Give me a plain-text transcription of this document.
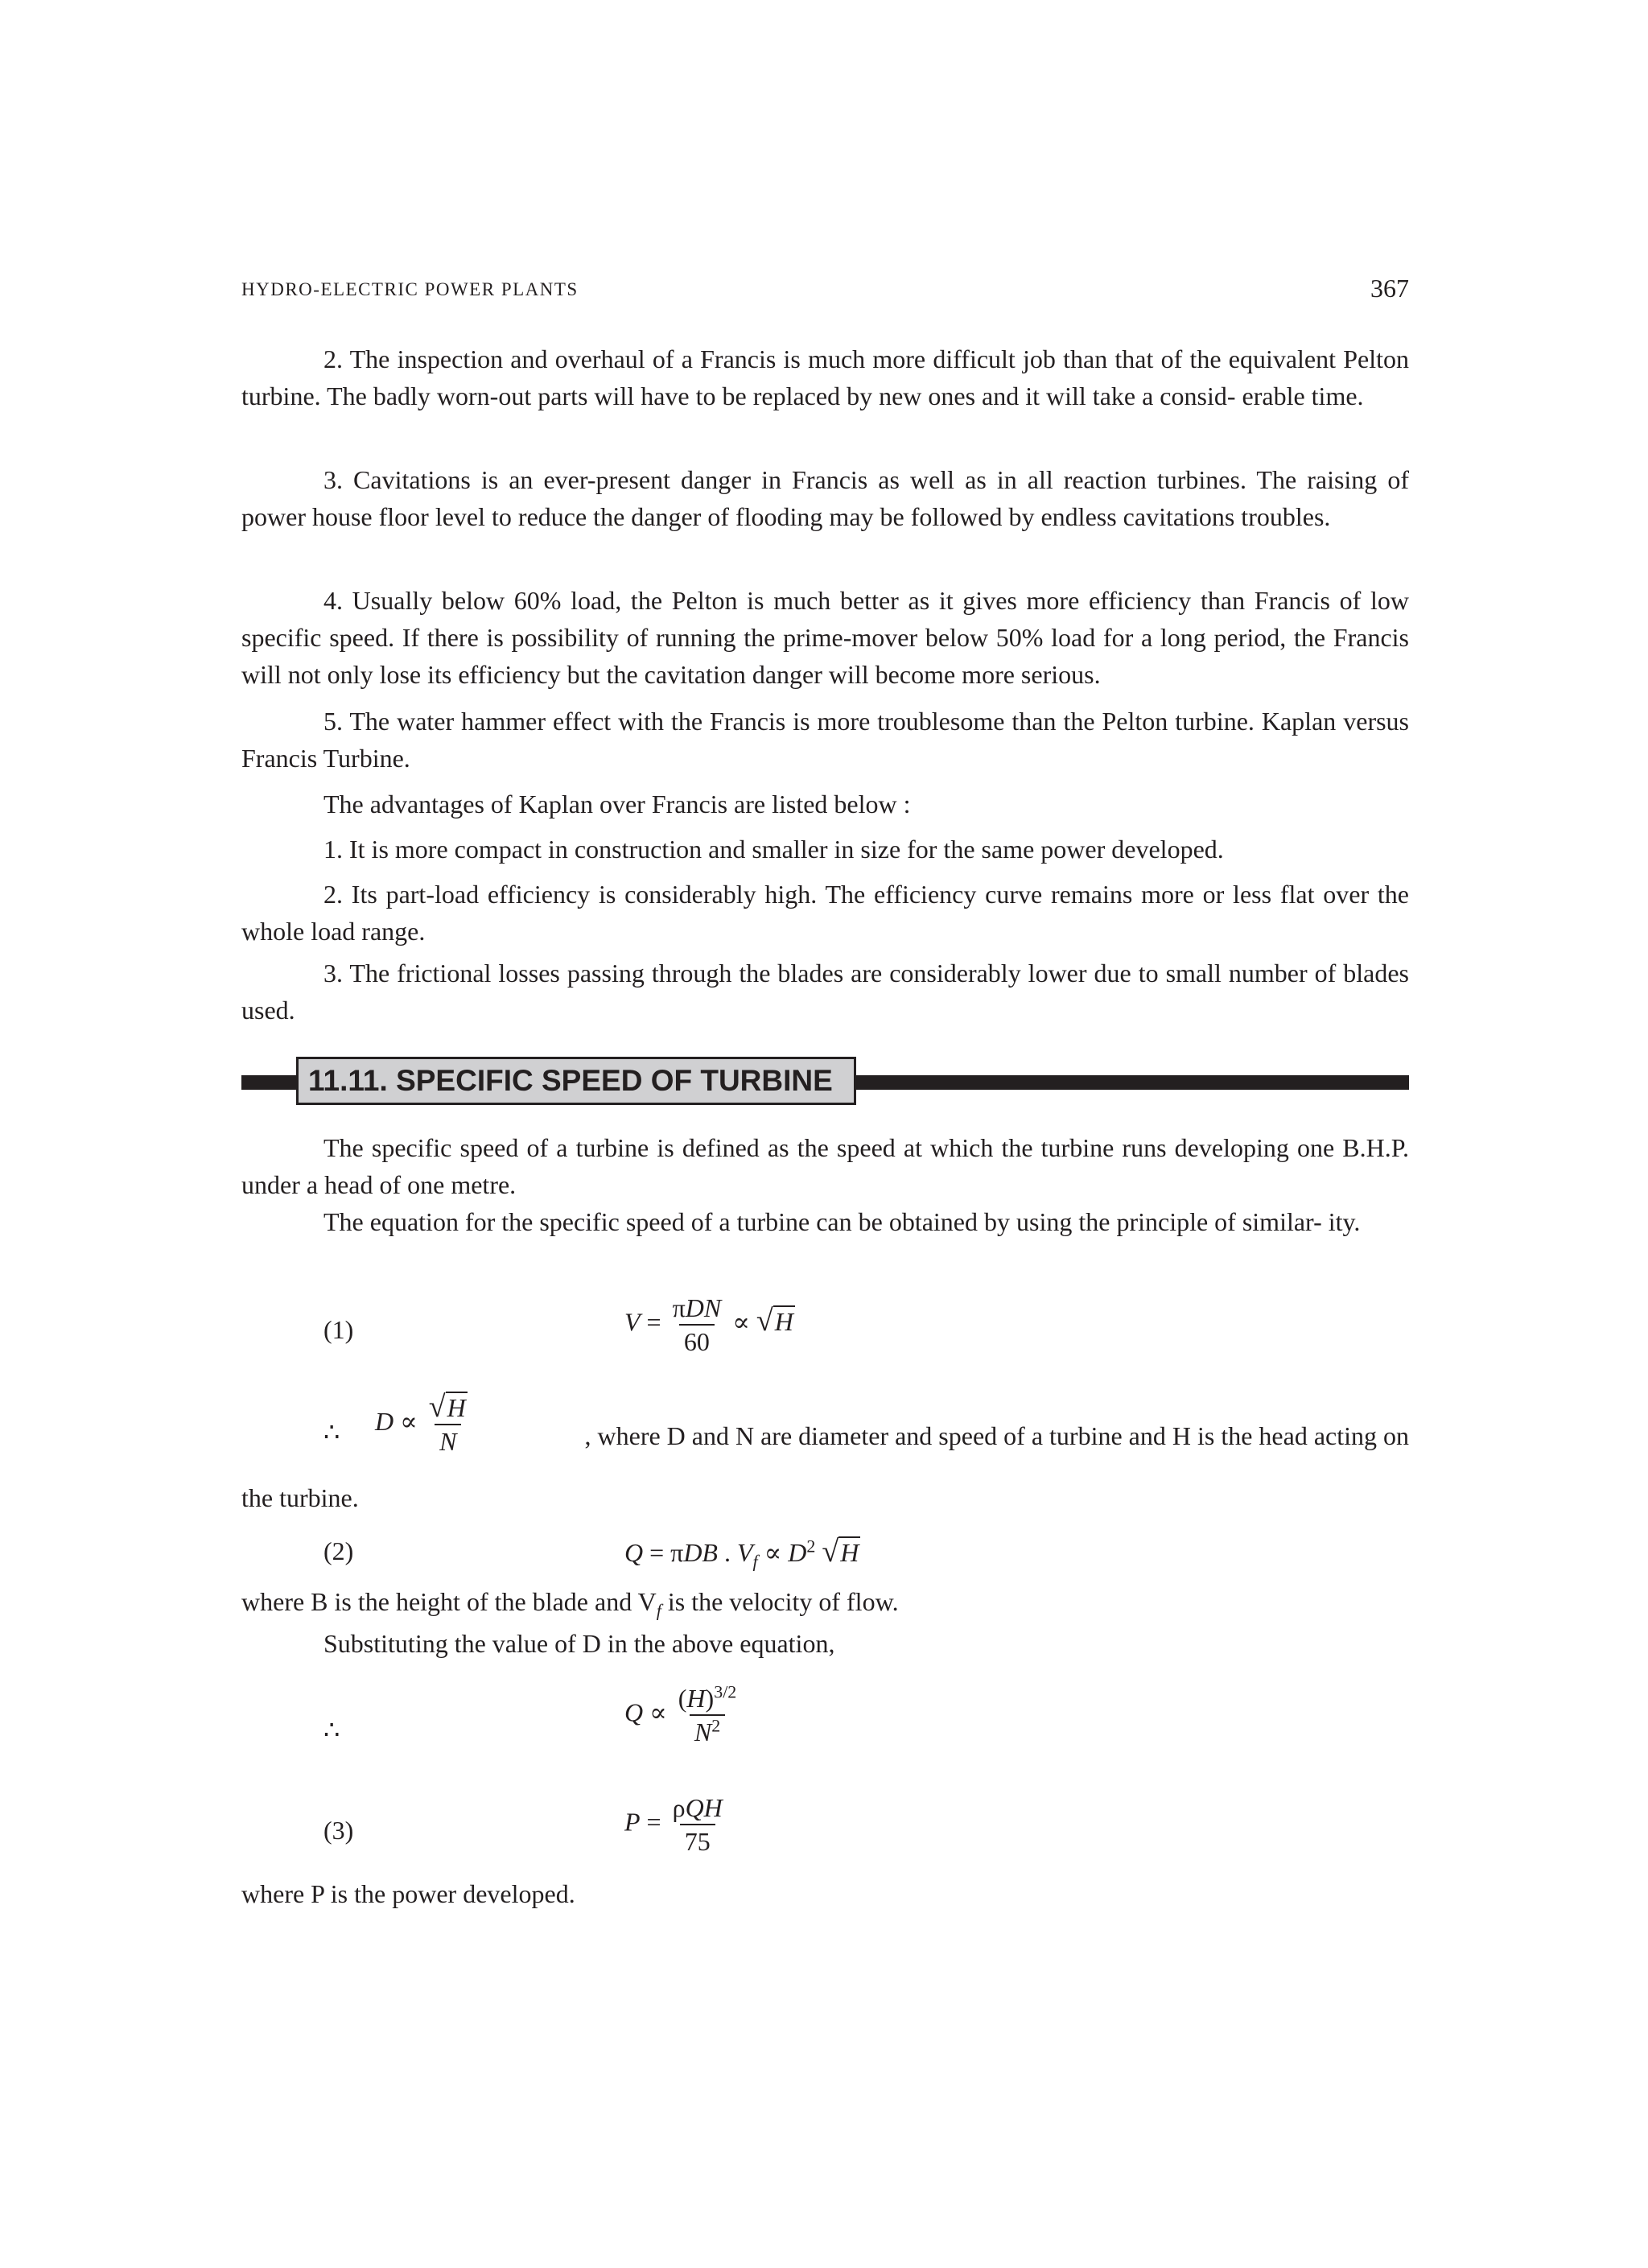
HYDRO-ELECTRIC POWER PLANTS	367
2. The inspection and overhaul of a Francis is much more difficult job than that of the equivalent Pelton turbine. The badly worn-out parts will have to be replaced by new ones and it will take a consid- erable time.
3. Cavitations is an ever-present danger in Francis as well as in all reaction turbines. The raising of power house floor level to reduce the danger of flooding may be followed by endless cavitations troubles.
4. Usually below 60% load, the Pelton is much better as it gives more efficiency than Francis of low specific speed. If there is possibility of running the prime-mover below 50% load for a long period, the Francis will not only lose its efficiency but the cavitation danger will become more serious.
5. The water hammer effect with the Francis is more troublesome than the Pelton turbine. Kaplan versus Francis Turbine.
The advantages of Kaplan over Francis are listed below :
1. It is more compact in construction and smaller in size for the same power developed.
2. Its part-load efficiency is considerably high. The efficiency curve remains more or less flat over the whole load range.
3. The frictional losses passing through the blades are considerably lower due to small number of blades used.
11.11. SPECIFIC SPEED OF TURBINE
The specific speed of a turbine is defined as the speed at which the turbine runs developing one B.H.P. under a head of one metre.
The equation for the specific speed of a turbine can be obtained by using the principle of similar- ity.
(1)	$V = \frac{\text{πDN}}{60} \propto √H$
∴ $D \propto \frac{√H}{N}$	, where D and N are diameter and speed of a turbine and H is the head acting on
the turbine.
(2)	Q = πDB . $V_f \propto D^2$ √H
where B is the height of the blade and $V_f$ is the velocity of flow.
Substituting the value of D in the above equation,
∴
$Q \propto \frac{(H)^{3/2}}{N^2}$
(3)	$P = \frac{\text{ρQH}}{75}$
where P is the power developed.
